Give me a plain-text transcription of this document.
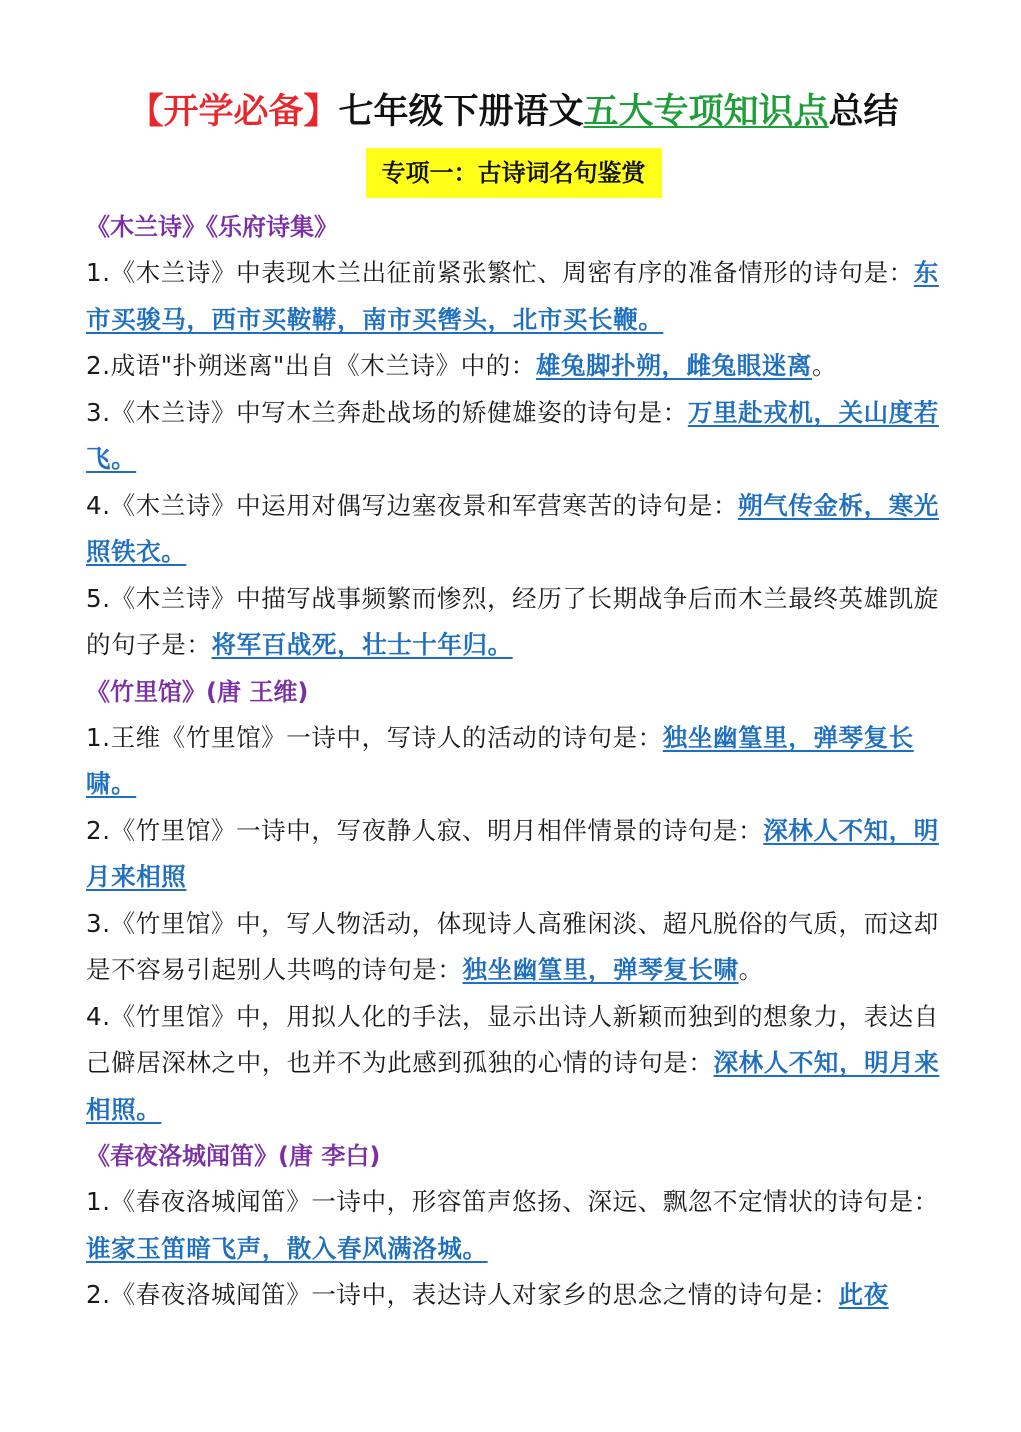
【开学必备】七年级下册语文五大专项知识点总结
专项一：古诗词名句鉴赏

《木兰诗》《乐府诗集》

1.《木兰诗》中表现木兰出征前紧张繁忙、周密有序的准备情形的诗句是：东市买骏马，西市买鞍鞯，南市买辔头，北市买长鞭。

2.成语"扑朔迷离"出自《木兰诗》中的：雄兔脚扑朔，雌兔眼迷离。

3.《木兰诗》中写木兰奔赴战场的矫健雄姿的诗句是：万里赴戎机，关山度若飞。

4.《木兰诗》中运用对偶写边塞夜景和军营寒苦的诗句是：朔气传金柝，寒光照铁衣。

5.《木兰诗》中描写战事频繁而惨烈，经历了长期战争后而木兰最终英雄凯旋的句子是：将军百战死，壮士十年归。

《竹里馆》(唐 王维)

1.王维《竹里馆》一诗中，写诗人的活动的诗句是：独坐幽篁里，弹琴复长啸。

2.《竹里馆》一诗中，写夜静人寂、明月相伴情景的诗句是：深林人不知，明月来相照

3.《竹里馆》中，写人物活动，体现诗人高雅闲淡、超凡脱俗的气质，而这却是不容易引起别人共鸣的诗句是：独坐幽篁里，弹琴复长啸。

4.《竹里馆》中，用拟人化的手法，显示出诗人新颖而独到的想象力，表达自己僻居深林之中，也并不为此感到孤独的心情的诗句是：深林人不知，明月来相照。

《春夜洛城闻笛》(唐 李白)

1.《春夜洛城闻笛》一诗中，形容笛声悠扬、深远、飘忽不定情状的诗句是：谁家玉笛暗飞声，散入春风满洛城。

2.《春夜洛城闻笛》一诗中，表达诗人对家乡的思念之情的诗句是：此夜
